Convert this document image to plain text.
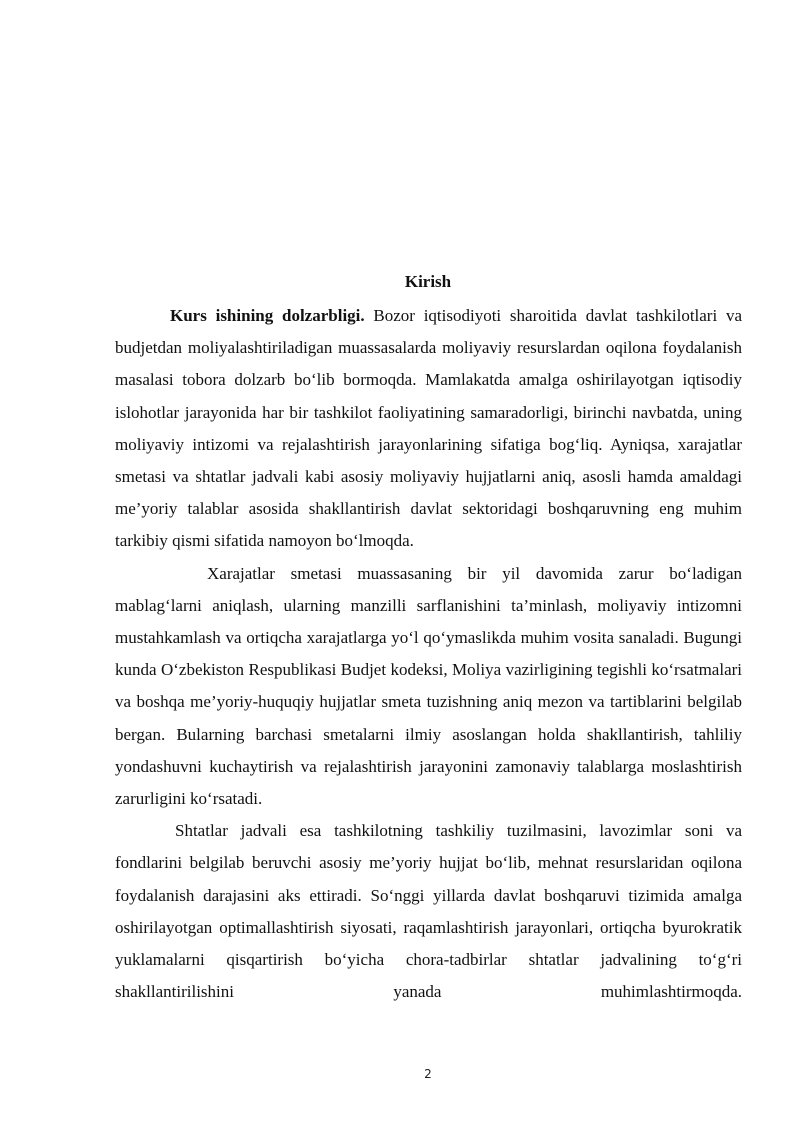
Kirish

Kurs ishining dolzarbligi. Bozor iqtisodiyoti sharoitida davlat tashkilotlari va budjetdan moliyalashtiriladigan muassasalarda moliyaviy resurslardan oqilona foydalanish masalasi tobora dolzarb bo‘lib bormoqda. Mamlakatda amalga oshirilayotgan iqtisodiy islohotlar jarayonida har bir tashkilot faoliyatining samaradorligi, birinchi navbatda, uning moliyaviy intizomi va rejalashtirish jarayonlarining sifatiga bog‘liq. Ayniqsa, xarajatlar smetasi va shtatlar jadvali kabi asosiy moliyaviy hujjatlarni aniq, asosli hamda amaldagi me’yoriy talablar asosida shakllantirish davlat sektoridagi boshqaruvning eng muhim tarkibiy qismi sifatida namoyon bo‘lmoqda.

Xarajatlar smetasi muassasaning bir yil davomida zarur bo‘ladigan mablag‘larni aniqlash, ularning manzilli sarflanishini ta’minlash, moliyaviy intizomni mustahkamlash va ortiqcha xarajatlarga yo‘l qo‘ymaslikda muhim vosita sanaladi. Bugungi kunda O‘zbekiston Respublikasi Budjet kodeksi, Moliya vazirligining tegishli ko‘rsatmalari va boshqa me’yoriy-huquqiy hujjatlar smeta tuzishning aniq mezon va tartiblarini belgilab bergan. Bularning barchasi smetalarni ilmiy asoslangan holda shakllantirish, tahliliy yondashuvni kuchaytirish va rejalashtirish jarayonini zamonaviy talablarga moslashtirish zarurligini ko‘rsatadi.

Shtatlar jadvali esa tashkilotning tashkiliy tuzilmasini, lavozimlar soni va fondlarini belgilab beruvchi asosiy me’yoriy hujjat bo‘lib, mehnat resurslaridan oqilona foydalanish darajasini aks ettiradi. So‘nggi yillarda davlat boshqaruvi tizimida amalga oshirilayotgan optimallashtirish siyosati, raqamlashtirish jarayonlari, ortiqcha byurokratik yuklamalarni qisqartirish bo‘yicha chora-tadbirlar shtatlar jadvalining to‘g‘ri shakllantirilishini yanada muhimlashtirmoqda.

2
